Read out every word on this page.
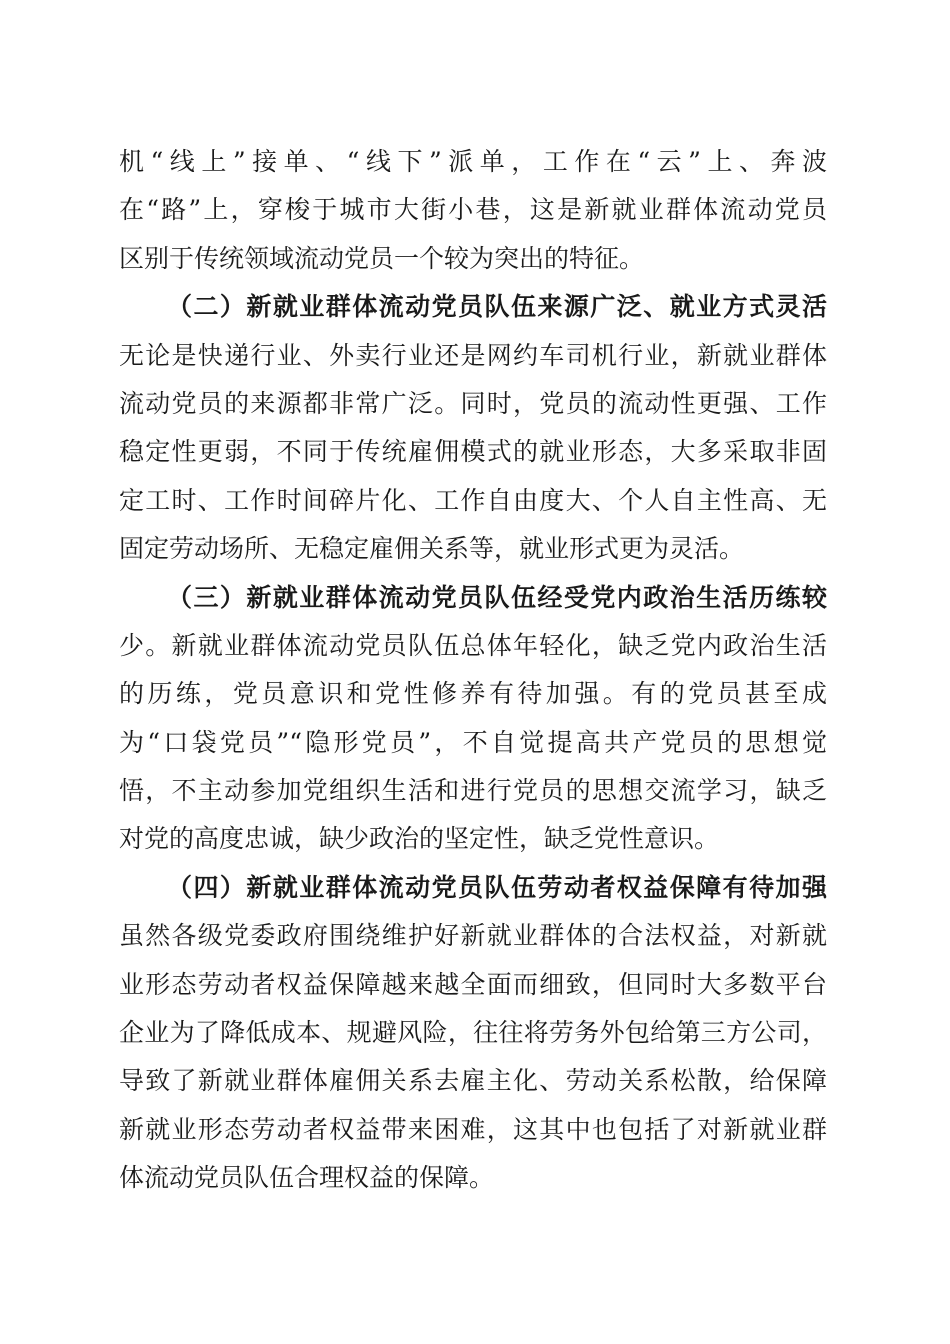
机“线上”接单、“线下”派单，工作在“云”上、奔波
在“路”上，穿梭于城市大街小巷，这是新就业群体流动党员
区别于传统领域流动党员一个较为突出的特征。
（二）新就业群体流动党员队伍来源广泛、就业方式灵活
无论是快递行业、外卖行业还是网约车司机行业，新就业群体
流动党员的来源都非常广泛。同时，党员的流动性更强、工作
稳定性更弱，不同于传统雇佣模式的就业形态，大多采取非固
定工时、工作时间碎片化、工作自由度大、个人自主性高、无
固定劳动场所、无稳定雇佣关系等，就业形式更为灵活。
（三）新就业群体流动党员队伍经受党内政治生活历练较
少。新就业群体流动党员队伍总体年轻化，缺乏党内政治生活
的历练，党员意识和党性修养有待加强。有的党员甚至成
为“口袋党员”“隐形党员”，不自觉提高共产党员的思想觉
悟，不主动参加党组织生活和进行党员的思想交流学习，缺乏
对党的高度忠诚，缺少政治的坚定性，缺乏党性意识。
（四）新就业群体流动党员队伍劳动者权益保障有待加强
虽然各级党委政府围绕维护好新就业群体的合法权益，对新就
业形态劳动者权益保障越来越全面而细致，但同时大多数平台
企业为了降低成本、规避风险，往往将劳务外包给第三方公司，
导致了新就业群体雇佣关系去雇主化、劳动关系松散，给保障
新就业形态劳动者权益带来困难，这其中也包括了对新就业群
体流动党员队伍合理权益的保障。
